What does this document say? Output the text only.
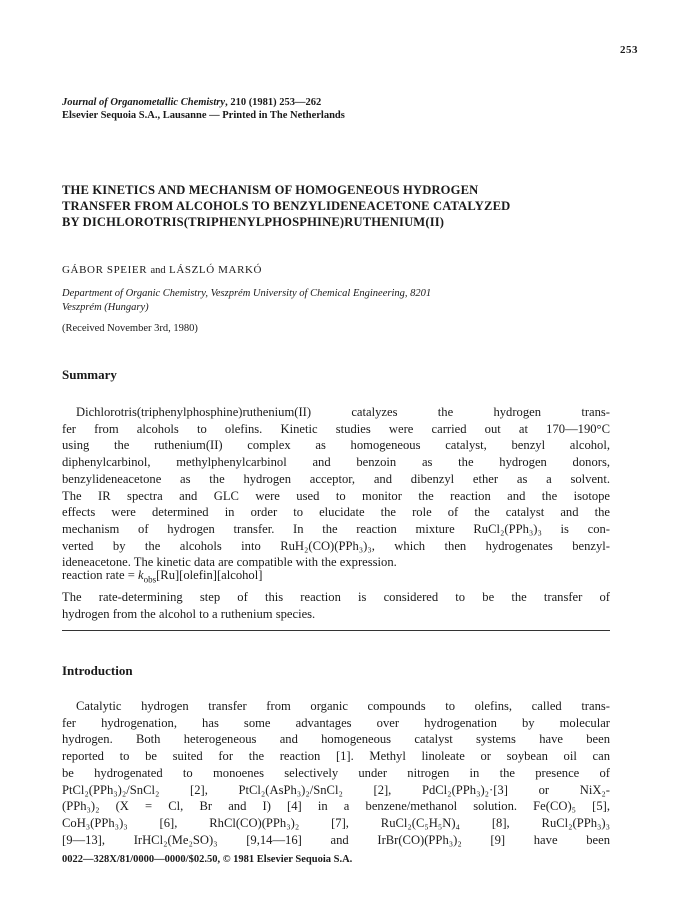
253
Journal of Organometallic Chemistry, 210 (1981) 253—262
Elsevier Sequoia S.A., Lausanne — Printed in The Netherlands
THE KINETICS AND MECHANISM OF HOMOGENEOUS HYDROGEN
TRANSFER FROM ALCOHOLS TO BENZYLIDENEACETONE CATALYZED
BY DICHLOROTRIS(TRIPHENYLPHOSPHINE)RUTHENIUM(II)
GÁBOR SPEIER and LÁSZLÓ MARKÓ
Department of Organic Chemistry, Veszprém University of Chemical Engineering, 8201
Veszprém (Hungary)
(Received November 3rd, 1980)
Summary
Dichlorotris(triphenylphosphine)ruthenium(II) catalyzes the hydrogen trans-
fer from alcohols to olefins. Kinetic studies were carried out at 170—190°C
using the ruthenium(II) complex as homogeneous catalyst, benzyl alcohol,
diphenylcarbinol, methylphenylcarbinol and benzoin as the hydrogen donors,
benzylideneacetone as the hydrogen acceptor, and dibenzyl ether as a solvent.
The IR spectra and GLC were used to monitor the reaction and the isotope
effects were determined in order to elucidate the role of the catalyst and the
mechanism of hydrogen transfer. In the reaction mixture RuCl₂(PPh₃)₃ is con-
verted by the alcohols into RuH₂(CO)(PPh₃)₃, which then hydrogenates benzyl-
ideneacetone. The kinetic data are compatible with the expression.
reaction rate = $k_{obs}[Ru][olefin][alcohol]$
The rate-determining step of this reaction is considered to be the transfer of
hydrogen from the alcohol to a ruthenium species.
Introduction
Catalytic hydrogen transfer from organic compounds to olefins, called trans-
fer hydrogenation, has some advantages over hydrogenation by molecular
hydrogen. Both heterogeneous and homogeneous catalyst systems have been
reported to be suited for the reaction [1]. Methyl linoleate or soybean oil can
be hydrogenated to monoenes selectively under nitrogen in the presence of
PtCl₂(PPh₃)₂/SnCl₂ [2], PtCl₂(AsPh₃)₂/SnCl₂ [2], PdCl₂(PPh₃)₂·[3] or NiX₂-
(PPh₃)₂ (X = Cl, Br and I) [4] in a benzene/methanol solution. Fe(CO)₅ [5],
CoH₃(PPh₃)₃ [6], RhCl(CO)(PPh₃)₂ [7], RuCl₂(C₅H₅N)₄ [8], RuCl₂(PPh₃)₃
[9—13], IrHCl₂(Me₂SO)₃ [9,14—16] and IrBr(CO)(PPh₃)₂ [9] have been
0022—328X/81/0000—0000/$02.50, © 1981 Elsevier Sequoia S.A.
